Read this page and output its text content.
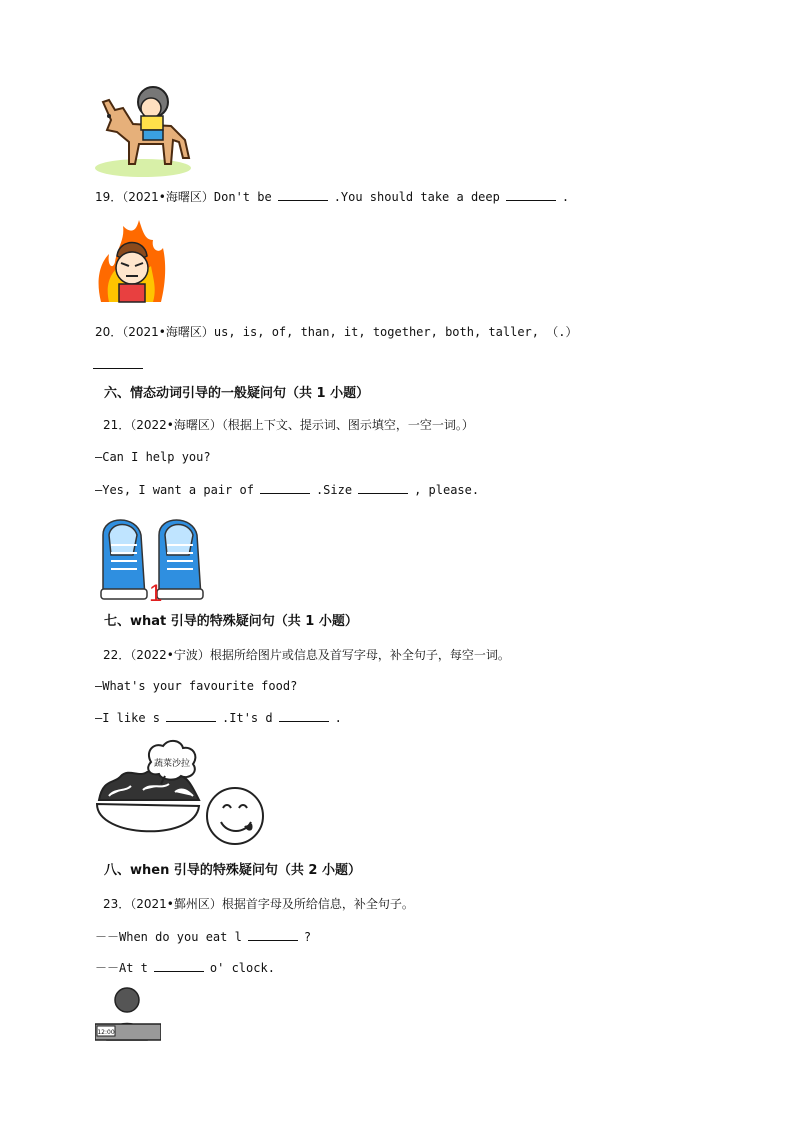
19．（2021•海曙区）Don't be	.You should take a deep	.
20．（2021•海曙区）us, is, of, than, it, together, both, taller, （.）
六、情态动词引导的一般疑问句（共 1 小题）
21．（2022•海曙区）（根据上下文、提示词、图示填空，一空一词。）
—Can I help you?
—Yes, I want a pair of	.Size	, please.
1
七、what 引导的特殊疑问句（共 1 小题）
22．（2022•宁波）根据所给图片或信息及首写字母，补全句子，每空一词。
—What's your favourite food?
—I like s	.It's d	.
蔬菜沙拉
八、when 引导的特殊疑问句（共 2 小题）
23．（2021•鄞州区）根据首字母及所给信息，补全句子。
－－When do you eat l	?
－－At t	o' clock.
12:00
